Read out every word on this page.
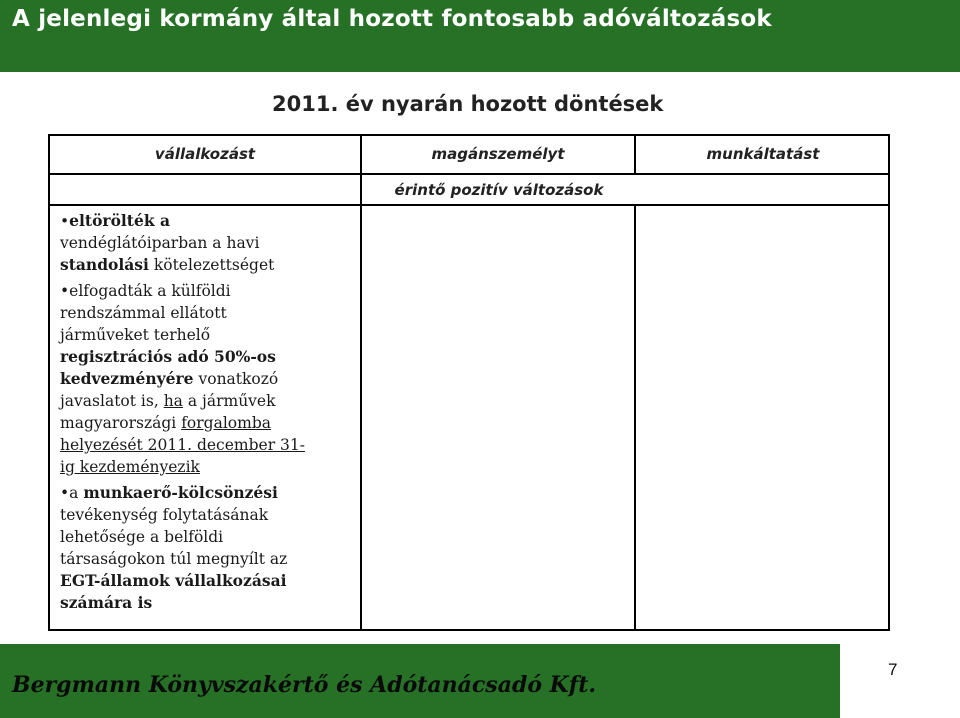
A jelenlegi kormány által hozott fontosabb adóváltozások
2011. év nyarán hozott döntések
vállalkozást	magánszemélyt	munkáltatást
érintő pozitív változások
•eltörölték a
vendéglátóiparban a havi
standolási kötelezettséget
•elfogadták a külföldi
rendszámmal ellátott
járműveket terhelő
regisztrációs adó 50%-os
kedvezményére vonatkozó
javaslatot is, ha a járművek
magyarországi forgalomba
helyezését 2011. december 31-
ig kezdeményezik
•a munkaerő-kölcsönzési
tevékenység folytatásának
lehetősége a belföldi
társaságokon túl megnyílt az
EGT-államok vállalkozásai
számára is
Bergmann Könyvszakértő és Adótanácsadó Kft.
7
